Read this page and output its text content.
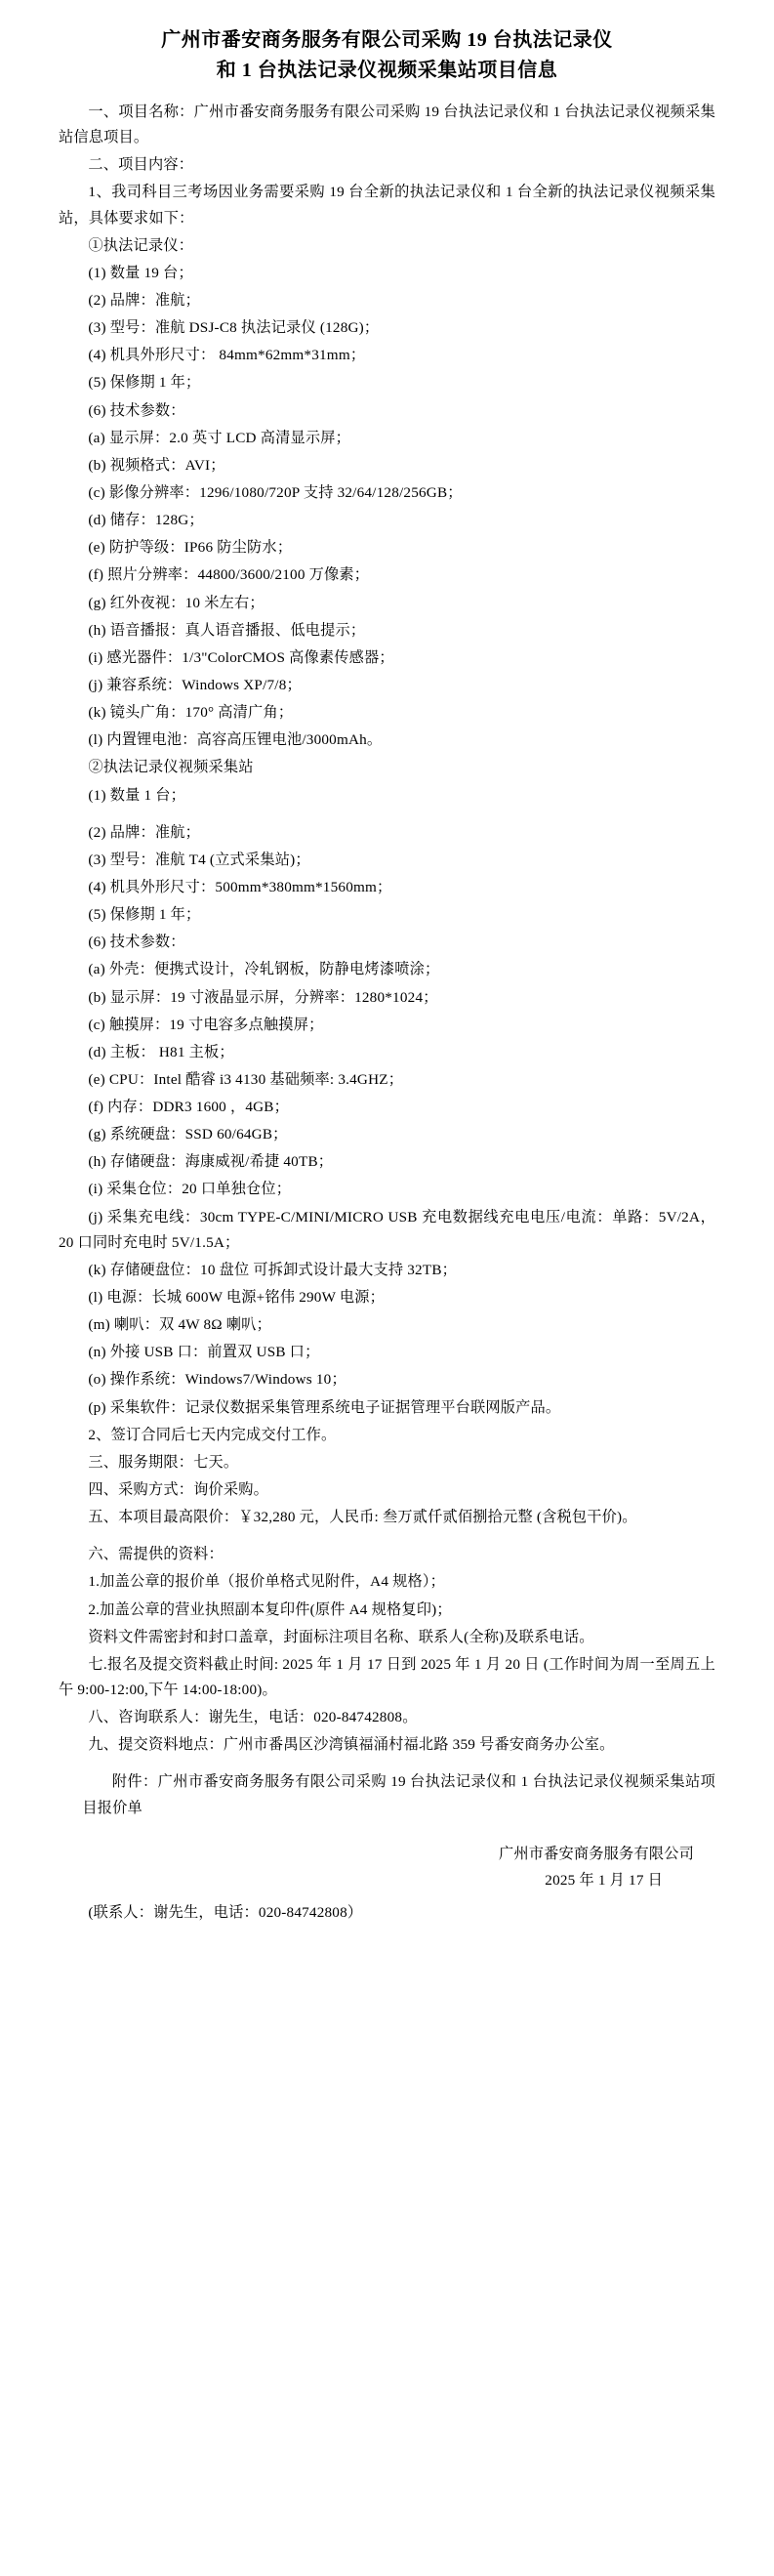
广州市番安商务服务有限公司采购 19 台执法记录仪
和 1 台执法记录仪视频采集站项目信息

一、项目名称：广州市番安商务服务有限公司采购 19 台执法记录仪和 1 台执法记录仪视频采集站信息项目。

二、项目内容：

1、我司科目三考场因业务需要采购 19 台全新的执法记录仪和 1 台全新的执法记录仪视频采集站，具体要求如下：

①执法记录仪：

(1) 数量 19 台；

(2) 品牌：准航；

(3) 型号：准航 DSJ-C8 执法记录仪 (128G)；

(4) 机具外形尺寸： 84mm*62mm*31mm；

(5) 保修期 1 年；

(6) 技术参数：

(a) 显示屏：2.0 英寸 LCD 高清显示屏；

(b) 视频格式：AVI；

(c) 影像分辨率：1296/1080/720P 支持 32/64/128/256GB；

(d) 储存：128G；

(e) 防护等级：IP66 防尘防水；

(f) 照片分辨率：44800/3600/2100 万像素；

(g) 红外夜视：10 米左右；

(h) 语音播报：真人语音播报、低电提示；

(i) 感光器件：1/3"ColorCMOS 高像素传感器；

(j) 兼容系统：Windows XP/7/8；

(k) 镜头广角：170° 高清广角；

(l) 内置锂电池：高容高压锂电池/3000mAh。

②执法记录仪视频采集站

(1) 数量 1 台；

(2) 品牌：准航；

(3) 型号：准航 T4 (立式采集站)；

(4) 机具外形尺寸：500mm*380mm*1560mm；

(5) 保修期 1 年；

(6) 技术参数：

(a) 外壳：便携式设计，冷轧钢板，防静电烤漆喷涂；

(b) 显示屏：19 寸液晶显示屏，分辨率：1280*1024；

(c) 触摸屏：19 寸电容多点触摸屏；

(d) 主板： H81 主板；

(e) CPU：Intel 酷睿 i3 4130 基础频率: 3.4GHZ；

(f) 内存：DDR3 1600 ，4GB；

(g) 系统硬盘：SSD 60/64GB；

(h) 存储硬盘：海康威视/希捷 40TB；

(i) 采集仓位：20 口单独仓位；

(j) 采集充电线：30cm TYPE-C/MINI/MICRO USB 充电数据线充电电压/电流：单路：5V/2A，20 口同时充电时 5V/1.5A；

(k) 存储硬盘位：10 盘位 可拆卸式设计最大支持 32TB；

(l) 电源：长城 600W 电源+铭伟 290W 电源；

(m) 喇叭：双 4W 8Ω 喇叭；

(n) 外接 USB 口：前置双 USB 口；

(o) 操作系统：Windows7/Windows 10；

(p) 采集软件：记录仪数据采集管理系统电子证据管理平台联网版产品。

2、签订合同后七天内完成交付工作。

三、服务期限：七天。

四、采购方式：询价采购。

五、本项目最高限价：￥32,280 元，人民币: 叁万贰仟贰佰捌拾元整 (含税包干价)。

六、需提供的资料：

1.加盖公章的报价单（报价单格式见附件，A4 规格）；

2.加盖公章的营业执照副本复印件(原件 A4 规格复印)；

资料文件需密封和封口盖章，封面标注项目名称、联系人(全称)及联系电话。

七.报名及提交资料截止时间: 2025 年 1 月 17 日到 2025 年 1 月 20 日 (工作时间为周一至周五上午 9:00-12:00,下午 14:00-18:00)。

八、咨询联系人：谢先生，电话：020-84742808。

九、提交资料地点：广州市番禺区沙湾镇福涌村福北路 359 号番安商务办公室。

附件：广州市番安商务服务有限公司采购 19 台执法记录仪和 1 台执法记录仪视频采集站项目报价单

广州市番安商务服务有限公司

2025 年 1 月 17 日

(联系人：谢先生，电话：020-84742808）
